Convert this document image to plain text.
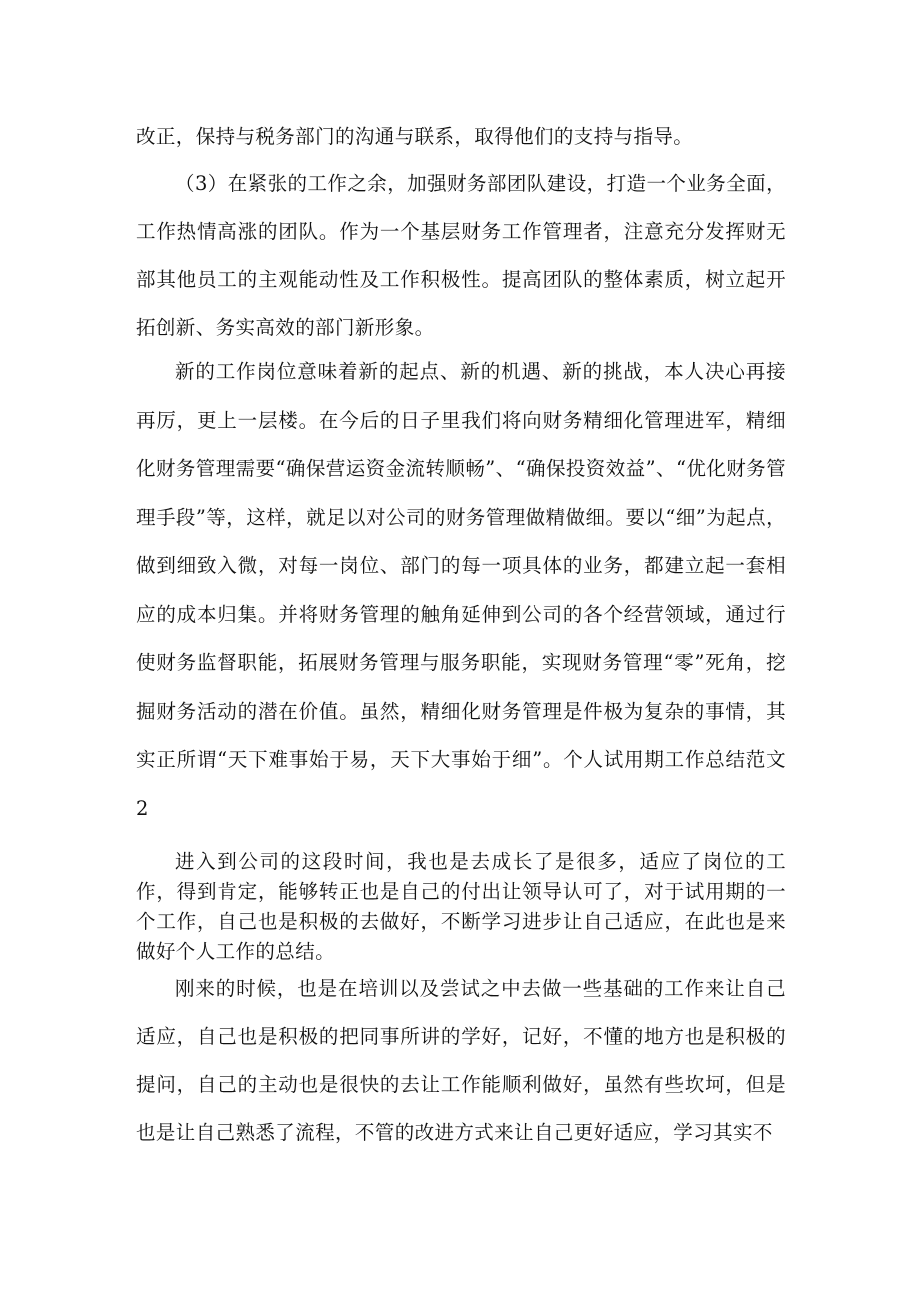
改正，保持与税务部门的沟通与联系，取得他们的支持与指导。

（3）在紧张的工作之余，加强财务部团队建设，打造一个业务全面，工作热情高涨的团队。作为一个基层财务工作管理者，注意充分发挥财无部其他员工的主观能动性及工作积极性。提高团队的整体素质，树立起开拓创新、务实高效的部门新形象。

新的工作岗位意味着新的起点、新的机遇、新的挑战，本人决心再接再厉，更上一层楼。在今后的日子里我们将向财务精细化管理进军，精细化财务管理需要“确保营运资金流转顺畅”、“确保投资效益”、“优化财务管理手段”等，这样，就足以对公司的财务管理做精做细。要以“细”为起点，做到细致入微，对每一岗位、部门的每一项具体的业务，都建立起一套相应的成本归集。并将财务管理的触角延伸到公司的各个经营领域，通过行使财务监督职能，拓展财务管理与服务职能，实现财务管理“零”死角，挖掘财务活动的潜在价值。虽然，精细化财务管理是件极为复杂的事情，其实正所谓“天下难事始于易，天下大事始于细”。个人试用期工作总结范文2

进入到公司的这段时间，我也是去成长了是很多，适应了岗位的工作，得到肯定，能够转正也是自己的付出让领导认可了，对于试用期的一个工作，自己也是积极的去做好，不断学习进步让自己适应，在此也是来做好个人工作的总结。

刚来的时候，也是在培训以及尝试之中去做一些基础的工作来让自己适应，自己也是积极的把同事所讲的学好，记好，不懂的地方也是积极的提问，自己的主动也是很快的去让工作能顺利做好，虽然有些坎坷，但是也是让自己熟悉了流程，不管的改进方式来让自己更好适应，学习其实不
